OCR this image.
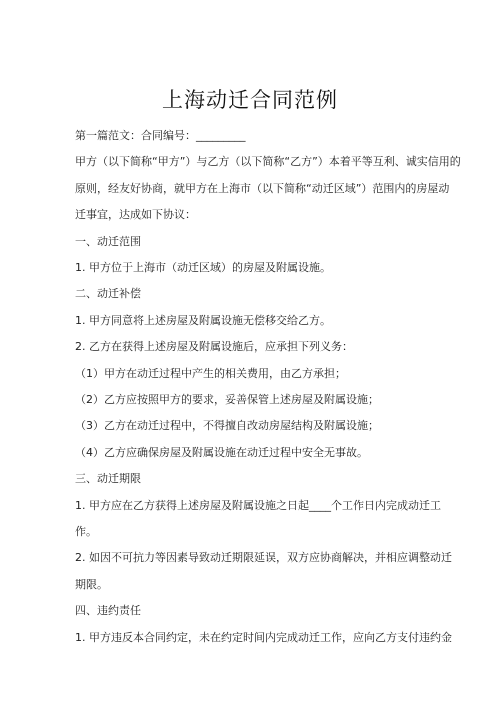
上海动迁合同范例
第一篇范文：合同编号：_________
甲方（以下简称“甲方”）与乙方（以下简称“乙方”）本着平等互利、诚实信用的
原则，经友好协商，就甲方在上海市（以下简称“动迁区域”）范围内的房屋动
迁事宜，达成如下协议：
一、动迁范围
1. 甲方位于上海市（动迁区域）的房屋及附属设施。
二、动迁补偿
1. 甲方同意将上述房屋及附属设施无偿移交给乙方。
2. 乙方在获得上述房屋及附属设施后，应承担下列义务：
（1）甲方在动迁过程中产生的相关费用，由乙方承担；
（2）乙方应按照甲方的要求，妥善保管上述房屋及附属设施；
（3）乙方在动迁过程中，不得擅自改动房屋结构及附属设施；
（4）乙方应确保房屋及附属设施在动迁过程中安全无事故。
三、动迁期限
1. 甲方应在乙方获得上述房屋及附属设施之日起____个工作日内完成动迁工
作。
2. 如因不可抗力等因素导致动迁期限延误，双方应协商解决，并相应调整动迁
期限。
四、违约责任
1. 甲方违反本合同约定，未在约定时间内完成动迁工作，应向乙方支付违约金
